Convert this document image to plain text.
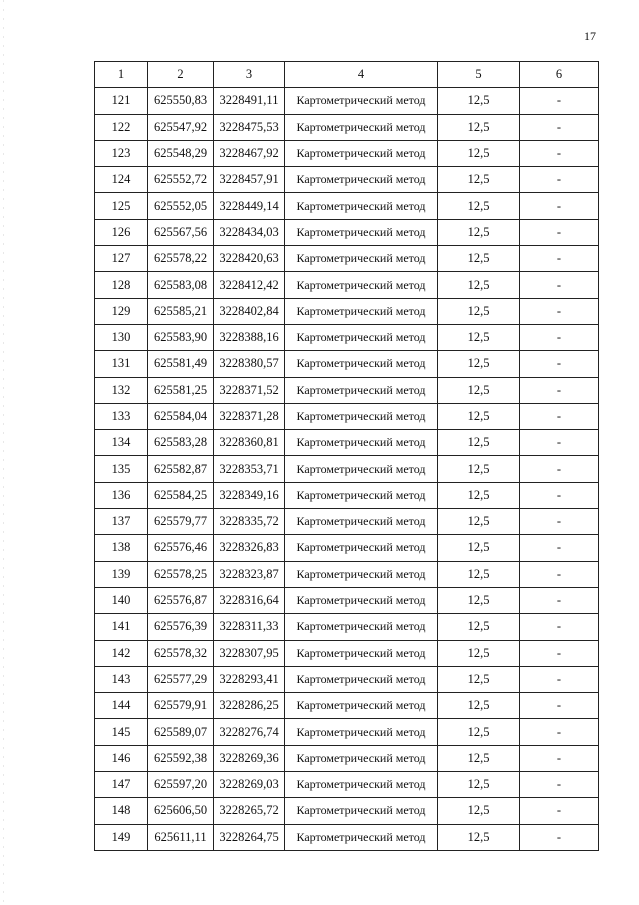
17
1	2	3	4	5	6
121	625550,83	3228491,11	Картометрический метод	12,5	-
122	625547,92	3228475,53	Картометрический метод	12,5	-
123	625548,29	3228467,92	Картометрический метод	12,5	-
124	625552,72	3228457,91	Картометрический метод	12,5	-
125	625552,05	3228449,14	Картометрический метод	12,5	-
126	625567,56	3228434,03	Картометрический метод	12,5	-
127	625578,22	3228420,63	Картометрический метод	12,5	-
128	625583,08	3228412,42	Картометрический метод	12,5	-
129	625585,21	3228402,84	Картометрический метод	12,5	-
130	625583,90	3228388,16	Картометрический метод	12,5	-
131	625581,49	3228380,57	Картометрический метод	12,5	-
132	625581,25	3228371,52	Картометрический метод	12,5	-
133	625584,04	3228371,28	Картометрический метод	12,5	-
134	625583,28	3228360,81	Картометрический метод	12,5	-
135	625582,87	3228353,71	Картометрический метод	12,5	-
136	625584,25	3228349,16	Картометрический метод	12,5	-
137	625579,77	3228335,72	Картометрический метод	12,5	-
138	625576,46	3228326,83	Картометрический метод	12,5	-
139	625578,25	3228323,87	Картометрический метод	12,5	-
140	625576,87	3228316,64	Картометрический метод	12,5	-
141	625576,39	3228311,33	Картометрический метод	12,5	-
142	625578,32	3228307,95	Картометрический метод	12,5	-
143	625577,29	3228293,41	Картометрический метод	12,5	-
144	625579,91	3228286,25	Картометрический метод	12,5	-
145	625589,07	3228276,74	Картометрический метод	12,5	-
146	625592,38	3228269,36	Картометрический метод	12,5	-
147	625597,20	3228269,03	Картометрический метод	12,5	-
148	625606,50	3228265,72	Картометрический метод	12,5	-
149	625611,11	3228264,75	Картометрический метод	12,5	-
